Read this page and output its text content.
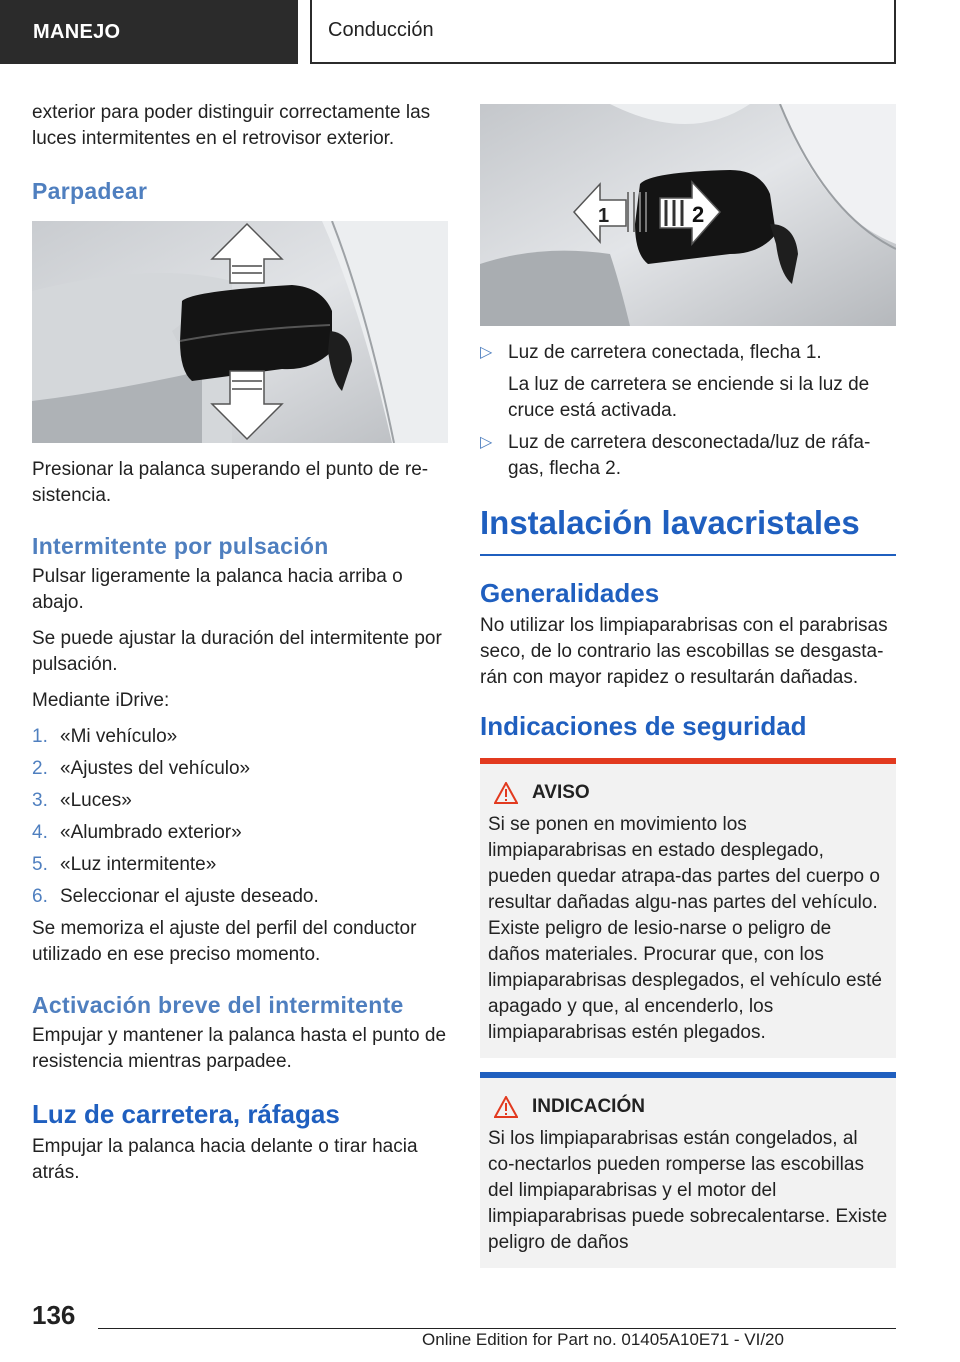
MANEJO	Conducción

exterior para poder distinguir correctamente las luces intermitentes en el retrovisor exterior.

Parpadear

Presionar la palanca superando el punto de re-sistencia.

Intermitente por pulsación

Pulsar ligeramente la palanca hacia arriba o abajo.

Se puede ajustar la duración del intermitente por pulsación.

Mediante iDrive:

1. «Mi vehículo»
2. «Ajustes del vehículo»
3. «Luces»
4. «Alumbrado exterior»
5. «Luz intermitente»
6. Seleccionar el ajuste deseado.

Se memoriza el ajuste del perfil del conductor utilizado en ese preciso momento.

Activación breve del intermitente

Empujar y mantener la palanca hasta el punto de resistencia mientras parpadee.

Luz de carretera, ráfagas

Empujar la palanca hacia delante o tirar hacia atrás.

1	2
▷ Luz de carretera conectada, flecha 1.
La luz de carretera se enciende si la luz de cruce está activada.
▷ Luz de carretera desconectada/luz de ráfa-gas, flecha 2.
Instalación lavacristales
Generalidades

No utilizar los limpiaparabrisas con el parabrisas seco, de lo contrario las escobillas se desgasta-rán con mayor rapidez o resultarán dañadas.

Indicaciones de seguridad
AVISO

Si se ponen en movimiento los limpiaparabrisas en estado desplegado, pueden quedar atrapa-das partes del cuerpo o resultar dañadas algu-nas partes del vehículo. Existe peligro de lesio-narse o peligro de daños materiales. Procurar que, con los limpiaparabrisas desplegados, el vehículo esté apagado y que, al encenderlo, los limpiaparabrisas estén plegados.

INDICACIÓN

Si los limpiaparabrisas están congelados, al co-nectarlos pueden romperse las escobillas del limpiaparabrisas y el motor del limpiaparabrisas puede sobrecalentarse. Existe peligro de daños

136
Online Edition for Part no. 01405A10E71 - VI/20
